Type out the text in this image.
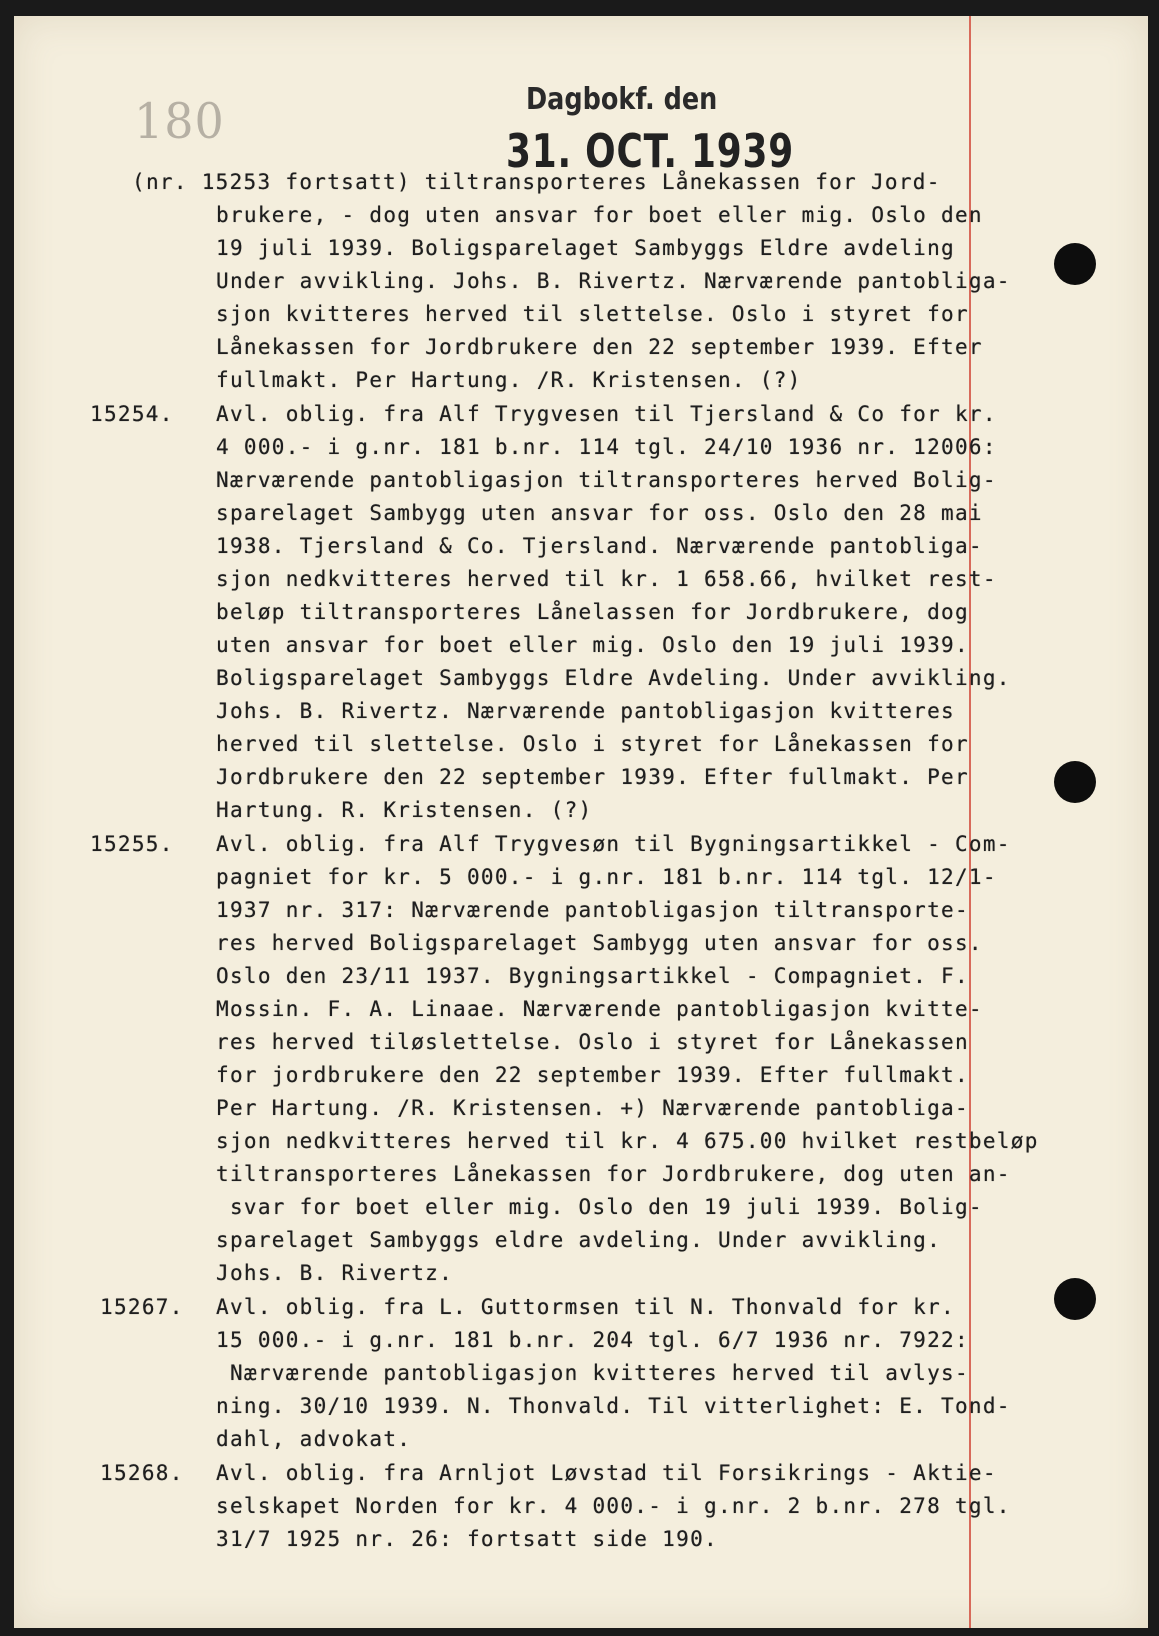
180	Dagbokf. den
31. OCT. 1939
(nr. 15253 fortsatt) tiltransporteres Lånekassen for Jord-
brukere, - dog uten ansvar for boet eller mig. Oslo den
19 juli 1939. Boligsparelaget Sambyggs Eldre avdeling
Under avvikling. Johs. B. Rivertz. Nærværende pantobliga-
sjon kvitteres herved til slettelse. Oslo i styret for
Lånekassen for Jordbrukere den 22 september 1939. Efter
fullmakt. Per Hartung. /R. Kristensen. (?)
15254. Avl. oblig. fra Alf Trygvesen til Tjersland & Co for kr.
4 000.- i g.nr. 181 b.nr. 114 tgl. 24/10 1936 nr. 12006:
Nærværende pantobligasjon tiltransporteres herved Bolig-
sparelaget Sambygg uten ansvar for oss. Oslo den 28 mai
1938. Tjersland & Co. Tjersland. Nærværende pantobliga-
sjon nedkvitteres herved til kr. 1 658.66, hvilket rest-
beløp tiltransporteres Lånelassen for Jordbrukere, dog
uten ansvar for boet eller mig. Oslo den 19 juli 1939.
Boligsparelaget Sambyggs Eldre Avdeling. Under avvikling.
Johs. B. Rivertz. Nærværende pantobligasjon kvitteres
herved til slettelse. Oslo i styret for Lånekassen for
Jordbrukere den 22 september 1939. Efter fullmakt. Per
Hartung. R. Kristensen. (?)
15255. Avl. oblig. fra Alf Trygvesøn til Bygningsartikkel - Com-
pagniet for kr. 5 000.- i g.nr. 181 b.nr. 114 tgl. 12/1-
1937 nr. 317: Nærværende pantobligasjon tiltransporte-
res herved Boligsparelaget Sambygg uten ansvar for oss.
Oslo den 23/11 1937. Bygningsartikkel - Compagniet. F.
Mossin. F. A. Linaae. Nærværende pantobligasjon kvitte-
res herved tiløslettelse. Oslo i styret for Lånekassen
for jordbrukere den 22 september 1939. Efter fullmakt.
Per Hartung. /R. Kristensen. +) Nærværende pantobliga-
sjon nedkvitteres herved til kr. 4 675.00 hvilket restbeløp
tiltransporteres Lånekassen for Jordbrukere, dog uten an-
svar for boet eller mig. Oslo den 19 juli 1939. Bolig-
sparelaget Sambyggs eldre avdeling. Under avvikling.
Johs. B. Rivertz.
15267. Avl. oblig. fra L. Guttormsen til N. Thonvald for kr.
15 000.- i g.nr. 181 b.nr. 204 tgl. 6/7 1936 nr. 7922:
Nærværende pantobligasjon kvitteres herved til avlys-
ning. 30/10 1939. N. Thonvald. Til vitterlighet: E. Tond-
dahl, advokat.
15268. Avl. oblig. fra Arnljot Løvstad til Forsikrings - Aktie-
selskapet Norden for kr. 4 000.- i g.nr. 2 b.nr. 278 tgl.
31/7 1925 nr. 26: fortsatt side 190.
